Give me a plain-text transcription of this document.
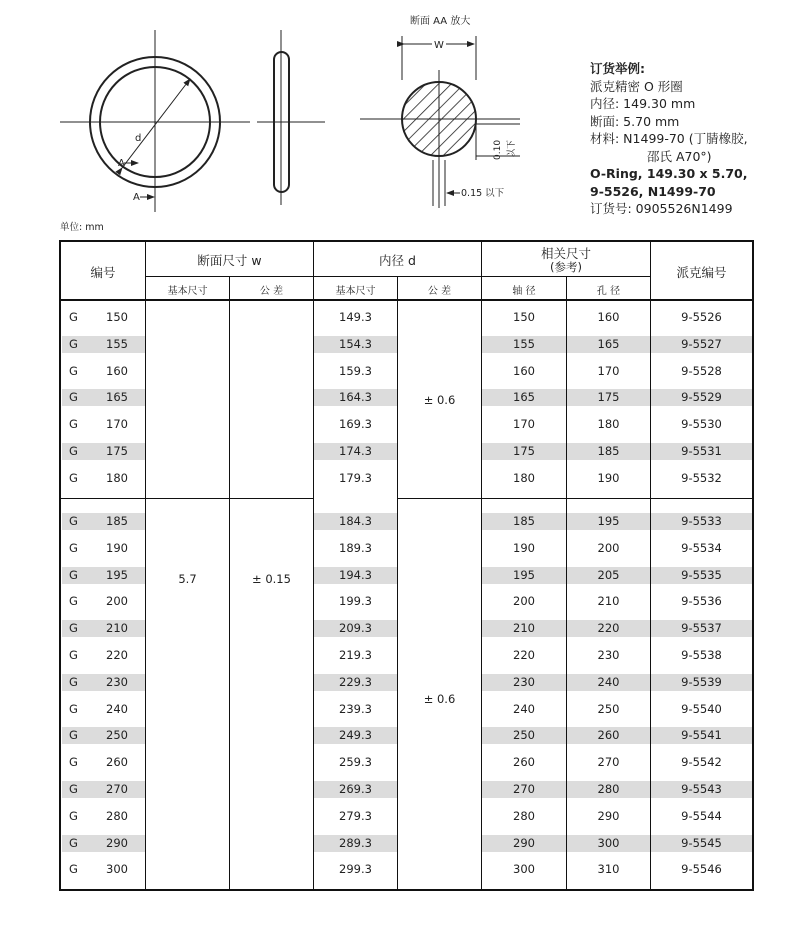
d
A
A
断面 AA 放大
W
0.10 以下
0.15 以下
订货举例:
派克精密 O 形圈
内径: 149.30 mm
断面: 5.70 mm
材料: N1499-70 (丁腈橡胶,
邵氏 A70°)
O-Ring, 149.30 x 5.70,
9-5526, N1499-70
订货号: 0905526N1499
单位: mm
编号
断面尺寸 w	内径 d	相关尺寸
(参考)	派克编号
基本尺寸	公 差	基本尺寸	公 差	轴 径	孔 径
5.7	± 0.15
± 0.6
± 0.6
G	150	149.3	150	160	9-5526
G	155	154.3	155	165	9-5527
G	160	159.3	160	170	9-5528
G	165	164.3	165	175	9-5529
G	170	169.3	170	180	9-5530
G	175	174.3	175	185	9-5531
G	180	179.3	180	190	9-5532
G	185	184.3	185	195	9-5533
G	190	189.3	190	200	9-5534
G	195	194.3	195	205	9-5535
G	200	199.3	200	210	9-5536
G	210	209.3	210	220	9-5537
G	220	219.3	220	230	9-5538
G	230	229.3	230	240	9-5539
G	240	239.3	240	250	9-5540
G	250	249.3	250	260	9-5541
G	260	259.3	260	270	9-5542
G	270	269.3	270	280	9-5543
G	280	279.3	280	290	9-5544
G	290	289.3	290	300	9-5545
G	300	299.3	300	310	9-5546
